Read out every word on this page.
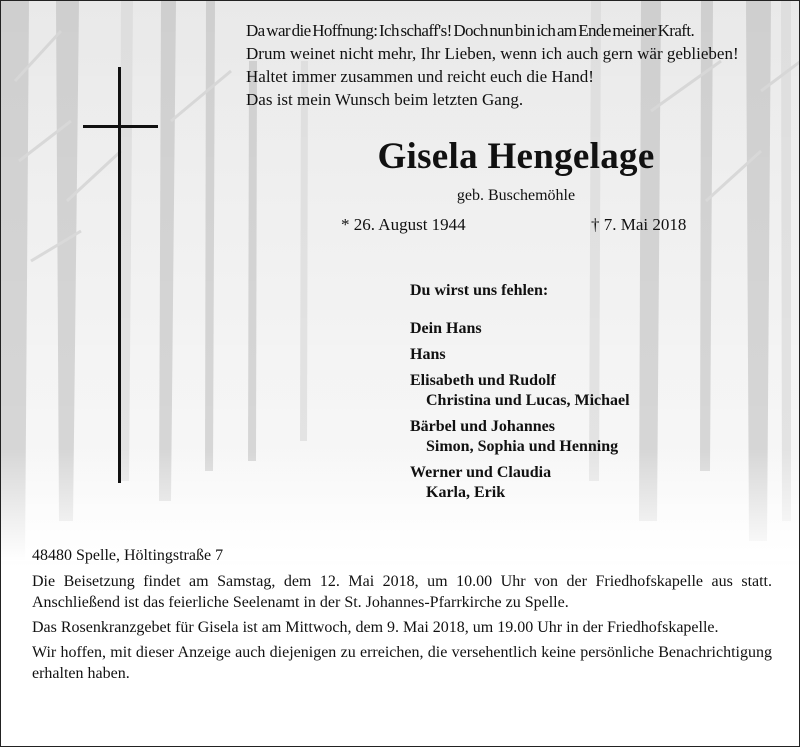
Da war die Hoffnung: Ich schaff's! Doch nun bin ich am Ende meiner Kraft.
Drum weinet nicht mehr, Ihr Lieben, wenn ich auch gern wär geblieben!
Haltet immer zusammen und reicht euch die Hand!
Das ist mein Wunsch beim letzten Gang.
Gisela Hengelage
geb. Buschemöhle
* 26. August 1944	† 7. Mai 2018
Du wirst uns fehlen:
Dein Hans
Hans
Elisabeth und Rudolf
Christina und Lucas, Michael
Bärbel und Johannes
Simon, Sophia und Henning
Werner und Claudia
Karla, Erik
48480 Spelle, Höltingstraße 7
Die Beisetzung findet am Samstag, dem 12. Mai 2018, um 10.00 Uhr von der Friedhofskapelle aus statt. Anschließend ist das feierliche Seelenamt in der St. Johannes-Pfarrkirche zu Spelle.
Das Rosenkranzgebet für Gisela ist am Mittwoch, dem 9. Mai 2018, um 19.00 Uhr in der Friedhofskapelle.
Wir hoffen, mit dieser Anzeige auch diejenigen zu erreichen, die versehentlich keine persönliche Benachrichtigung erhalten haben.
